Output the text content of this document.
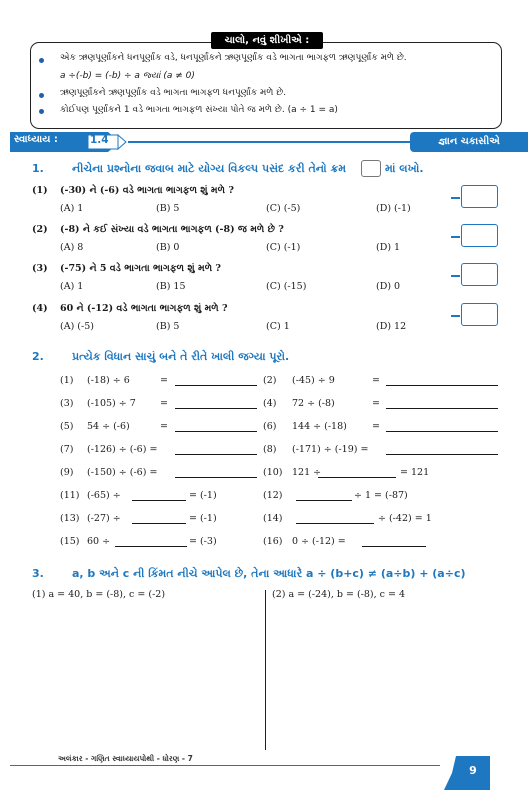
ચાલો, નવું શીખીએ :
એક ઋણપૂર્ણાંકને ધનપૂર્ણાંક વડે, ધનપૂર્ણાંકને ઋણપૂર્ણાંક વડે ભાગતા ભાગફળ ઋણપૂર્ણાંક મળે છે.
a ÷(-b) = (-b) ÷ a જ્યાં (a ≠ 0)
ઋણપૂર્ણાંકને ઋણપૂર્ણાંક વડે ભાગતા ભાગફળ ધનપૂર્ણાંક મળે છે.
કોઈપણ પૂર્ણાંકને 1 વડે ભાગતા ભાગફળ સંખ્યા પોતે જ મળે છે. (a ÷ 1 = a)
સ્વાધ્યાય :	1.4	જ્ઞાન ચકાસીએ
1.	નીચેના પ્રશ્નોના જવાબ માટે યોગ્ય વિકલ્પ પસંદ કરી તેનો ક્રમ	માં લખો.
(1) (-30) ને (-6) વડે ભાગતા ભાગફળ શું મળે ?
(A) 1	(B) 5	(C) (-5)	(D) (-1)
(2) (-8) ને કઈ સંખ્યા વડે ભાગતા ભાગફળ (-8) જ મળે છે ?
(A) 8	(B) 0	(C) (-1)	(D) 1
(3) (-75) ને 5 વડે ભાગતા ભાગફળ શું મળે ?
(A) 1	(B) 15	(C) (-15)	(D) 0
(4) 60 ને (-12) વડે ભાગતા ભાગફળ શું મળે ?
(A) (-5)	(B) 5	(C) 1	(D) 12
2.	પ્રત્યેક વિધાન સાચું બને તે રીતે ખાલી જગ્યા પૂરો.
(1) (-18) ÷ 6	=	(2) (-45) ÷ 9	=
(3) (-105) ÷ 7	=	(4) 72 ÷ (-8)	=
(5) 54 ÷ (-6)	=	(6) 144 ÷ (-18)	=
(7) (-126) ÷ (-6) =	(8) (-171) ÷ (-19) =
(9) (-150) ÷ (-6) =	(10) 121 ÷	= 121
(11) (-65) ÷	= (-1)	(12)	÷ 1 = (-87)
(13) (-27) ÷	= (-1)	(14)	÷ (-42) = 1
(15) 60 ÷	= (-3)	(16) 0 ÷ (-12) =
3.	a, b અને c ની કિંમત નીચે આપેલ છે, તેના આધારે a ÷ (b+c) ≠ (a÷b) + (a÷c)
(1) a = 40, b = (-8), c = (-2)	(2) a = (-24), b = (-8), c = 4
અલંકાર - ગણિત સ્વાધ્યાયપોથી - ધોરણ - 7
9
